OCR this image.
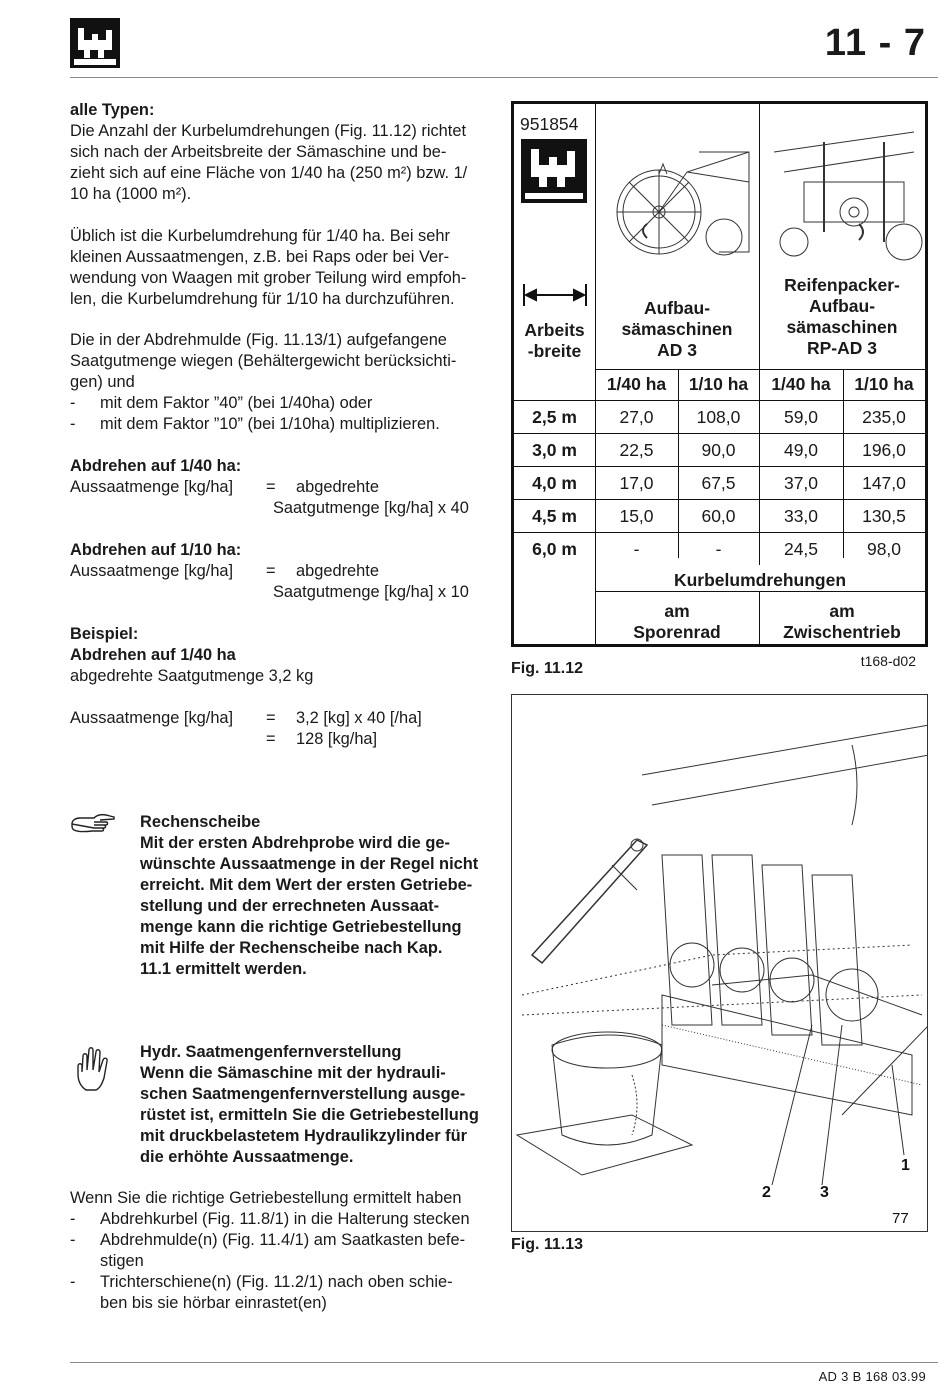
11 - 7
alle Typen:
Die Anzahl der Kurbelumdrehungen (Fig. 11.12) richtet
sich nach der Arbeitsbreite der Sämaschine und be-
zieht sich auf eine Fläche von 1/40 ha (250 m²) bzw. 1/
10 ha (1000 m²).
Üblich ist die Kurbelumdrehung für 1/40 ha. Bei sehr
kleinen Aussaatmengen, z.B. bei Raps oder bei Ver-
wendung von Waagen mit grober Teilung wird empfoh-
len, die Kurbelumdrehung für 1/10 ha durchzuführen.
Die in der Abdrehmulde (Fig. 11.13/1) aufgefangene
Saatgutmenge wiegen (Behältergewicht berücksichti-
gen) und
-	mit dem Faktor ”40” (bei 1/40ha) oder
-	mit dem Faktor ”10” (bei 1/10ha) multiplizieren.
Abdrehen auf 1/40 ha:
Aussaatmenge [kg/ha]	=	abgedrehte
Saatgutmenge [kg/ha] x 40
Abdrehen auf 1/10 ha:
Aussaatmenge [kg/ha]	=	abgedrehte
Saatgutmenge [kg/ha] x 10
Beispiel:
Abdrehen auf 1/40 ha
abgedrehte Saatgutmenge 3,2 kg
Aussaatmenge [kg/ha]	=	3,2 [kg] x 40 [/ha]
=	128 [kg/ha]
Rechenscheibe
Mit der ersten Abdrehprobe wird die ge-
wünschte Aussaatmenge in der Regel nicht
erreicht. Mit dem Wert der ersten Getriebe-
stellung und der errechneten Aussaat-
menge kann die richtige Getriebestellung
mit Hilfe der Rechenscheibe nach Kap.
11.1 ermittelt werden.
Hydr. Saatmengenfernverstellung
Wenn die Sämaschine mit der hydrauli-
schen Saatmengenfernverstellung ausge-
rüstet ist, ermitteln Sie die Getriebestellung
mit druckbelastetem Hydraulikzylinder für
die erhöhte Aussaatmenge.
Wenn Sie die richtige Getriebestellung ermittelt haben
-	Abdrehkurbel (Fig. 11.8/1) in die Halterung stecken
-	Abdrehmulde(n) (Fig. 11.4/1) am Saatkasten befe-
stigen
-	Trichterschiene(n) (Fig. 11.2/1) nach oben schie-
ben bis sie hörbar einrastet(en)
951854
Arbeits
-breite
Aufbau-
sämaschinen
AD 3
Reifenpacker-
Aufbau-
sämaschinen
RP-AD 3
1/40 ha	1/10 ha	1/40 ha	1/10 ha
2,5 m	27,0	108,0	59,0	235,0
3,0 m	22,5	90,0	49,0	196,0
4,0 m	17,0	67,5	37,0	147,0
4,5 m	15,0	60,0	33,0	130,5
6,0 m	-	-	24,5	98,0
Kurbelumdrehungen
am
Sporenrad
am
Zwischentrieb
Fig. 11.12	t168-d02
1
2	3
77
Fig. 11.13
AD 3 B 168 03.99
